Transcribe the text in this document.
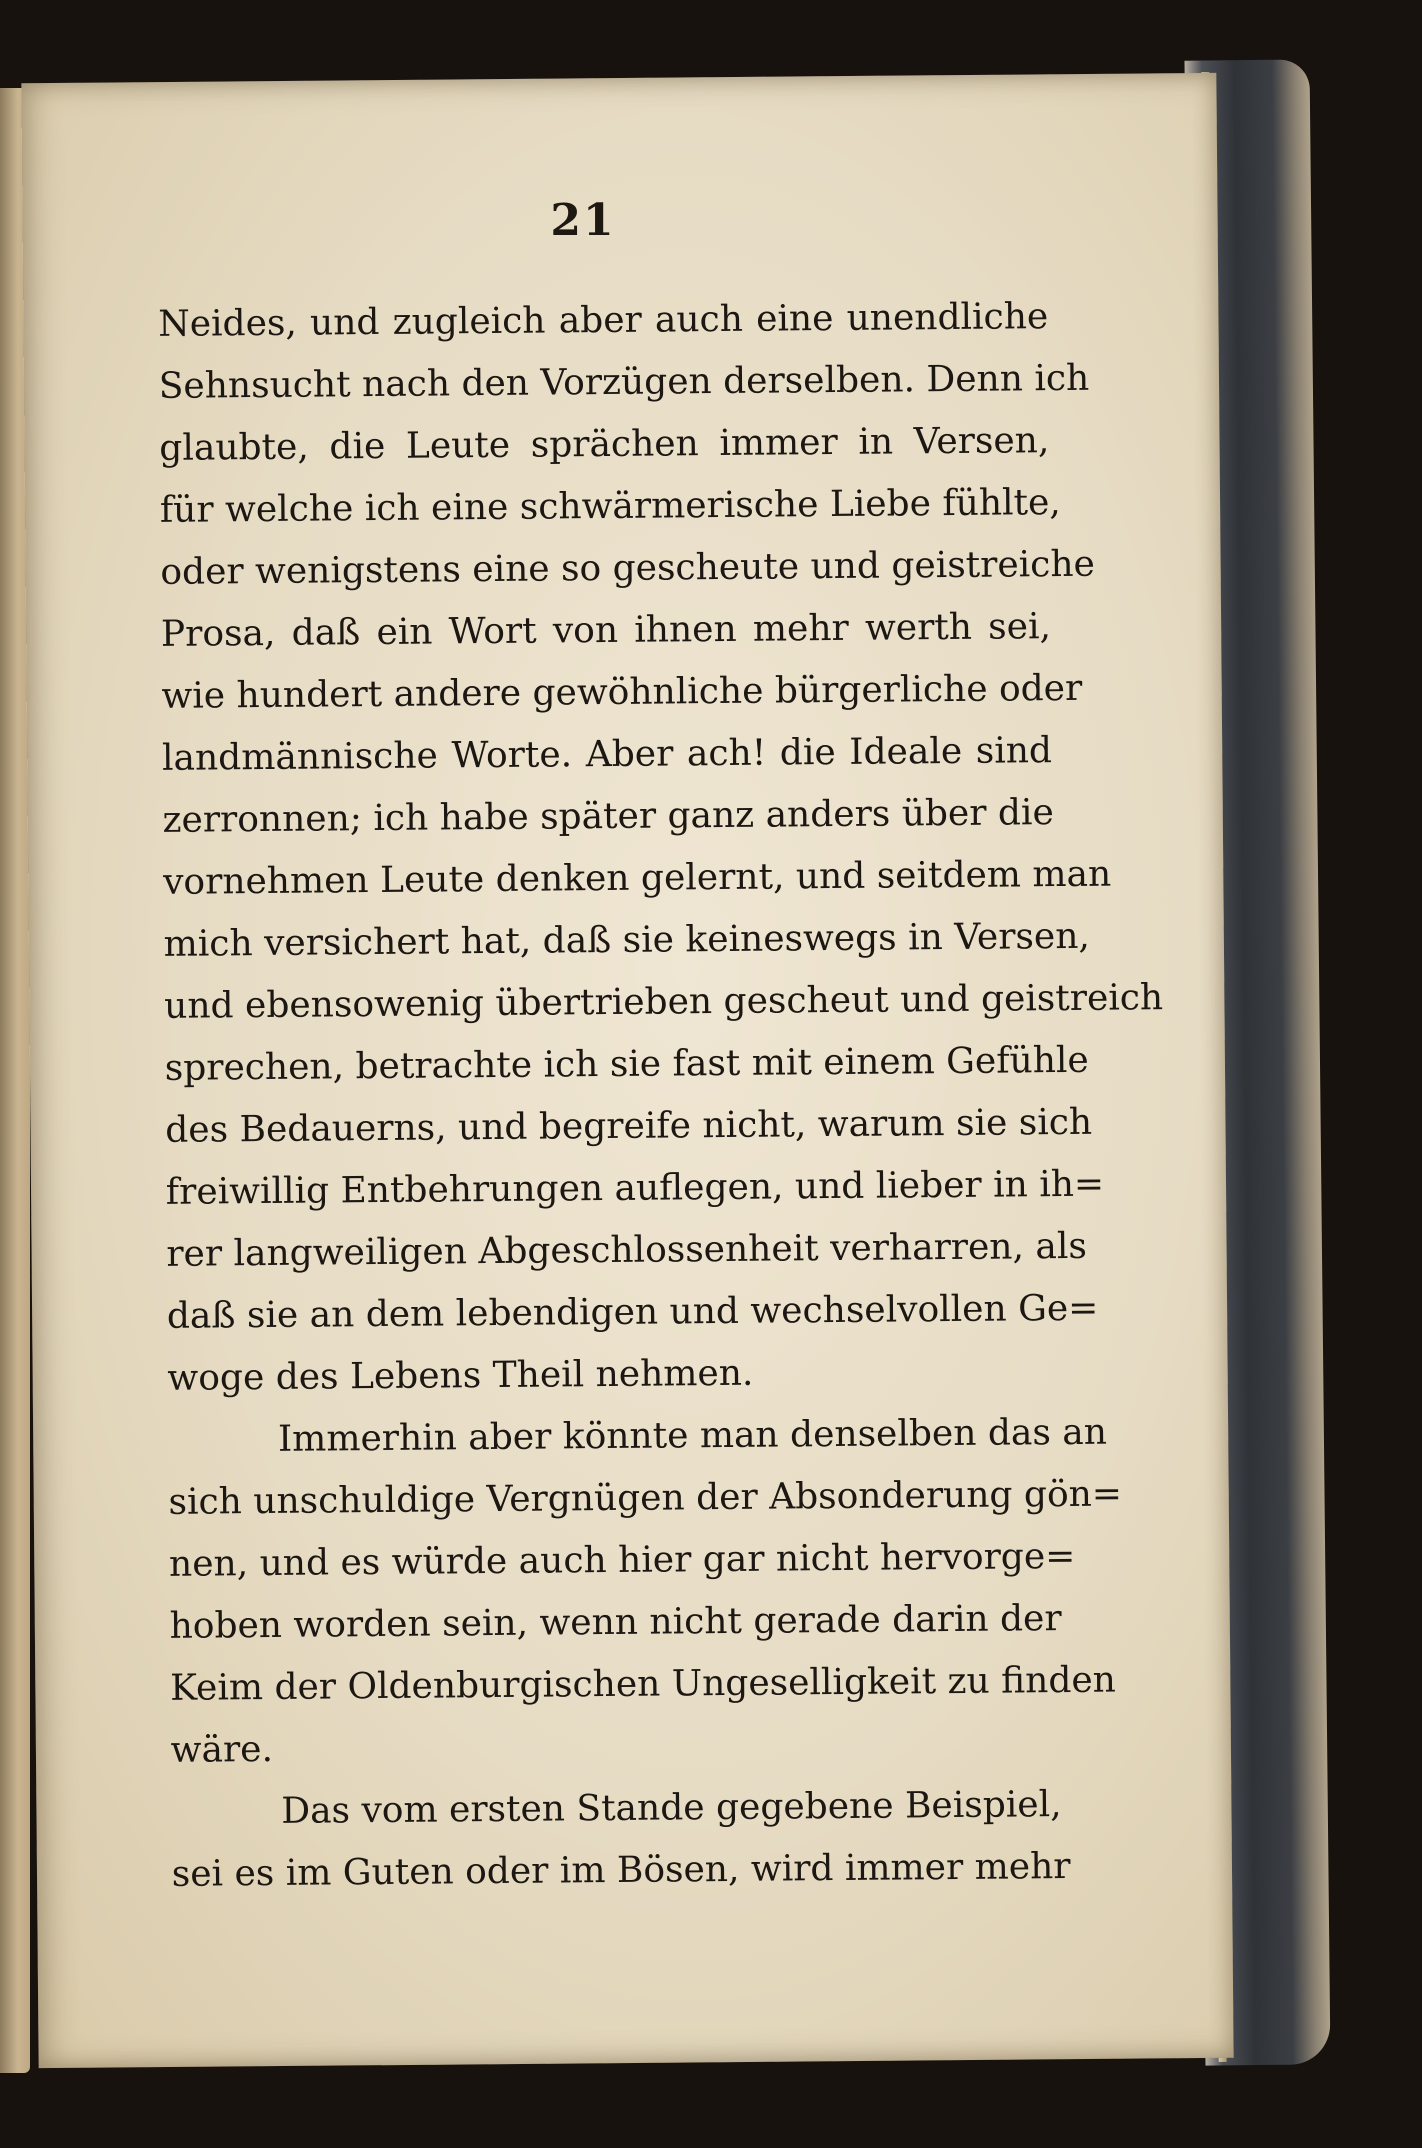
21
Neides, und zugleich aber auch eine unendliche
Sehnsucht nach den Vorzügen derselben. Denn ich
glaubte, die Leute sprächen immer in Versen,
für welche ich eine schwärmerische Liebe fühlte,
oder wenigstens eine so gescheute und geistreiche
Prosa, daß ein Wort von ihnen mehr werth sei,
wie hundert andere gewöhnliche bürgerliche oder
landmännische Worte. Aber ach! die Ideale sind
zerronnen; ich habe später ganz anders über die
vornehmen Leute denken gelernt, und seitdem man
mich versichert hat, daß sie keineswegs in Versen,
und ebensowenig übertrieben gescheut und geistreich
sprechen, betrachte ich sie fast mit einem Gefühle
des Bedauerns, und begreife nicht, warum sie sich
freiwillig Entbehrungen auflegen, und lieber in ih=
rer langweiligen Abgeschlossenheit verharren, als
daß sie an dem lebendigen und wechselvollen Ge=
woge des Lebens Theil nehmen.
Immerhin aber könnte man denselben das an
sich unschuldige Vergnügen der Absonderung gön=
nen, und es würde auch hier gar nicht hervorge=
hoben worden sein, wenn nicht gerade darin der
Keim der Oldenburgischen Ungeselligkeit zu finden
wäre.
Das vom ersten Stande gegebene Beispiel,
sei es im Guten oder im Bösen, wird immer mehr
